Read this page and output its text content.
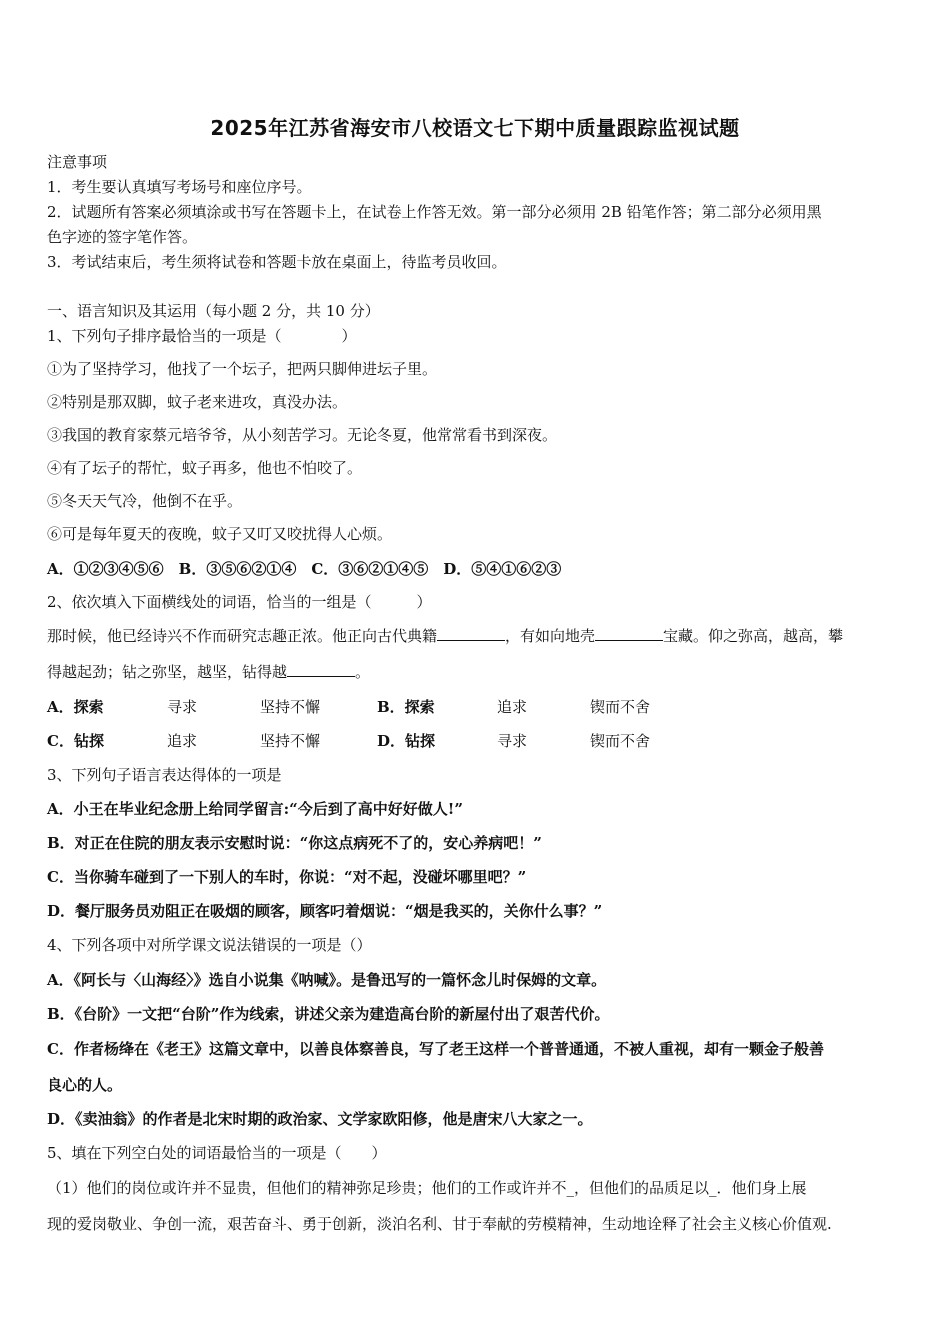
2025年江苏省海安市八校语文七下期中质量跟踪监视试题
注意事项
1．考生要认真填写考场号和座位序号。
2．试题所有答案必须填涂或书写在答题卡上，在试卷上作答无效。第一部分必须用 2B 铅笔作答；第二部分必须用黑
色字迹的签字笔作答。
3．考试结束后，考生须将试卷和答题卡放在桌面上，待监考员收回。
一、语言知识及其运用（每小题 2 分，共 10 分）
1、下列句子排序最恰当的一项是（　　　　）
①为了坚持学习，他找了一个坛子，把两只脚伸进坛子里。
②特别是那双脚，蚊子老来进攻，真没办法。
③我国的教育家蔡元培爷爷，从小刻苦学习。无论冬夏，他常常看书到深夜。
④有了坛子的帮忙，蚊子再多，他也不怕咬了。
⑤冬天天气冷，他倒不在乎。
⑥可是每年夏天的夜晚，蚊子又叮又咬扰得人心烦。
A．①②③④⑤⑥　B．③⑤⑥②①④　C．③⑥②①④⑤　D．⑤④①⑥②③
2、依次填入下面横线处的词语，恰当的一组是（　　　）
那时候，他已经诗兴不作而研究志趣正浓。他正向古代典籍	，有如向地壳	宝藏。仰之弥高，越高，攀
得越起劲；钻之弥坚，越坚，钻得越	。
A．探索	寻求	坚持不懈	B．探索	追求	锲而不舍
C．钻探	追求	坚持不懈	D．钻探	寻求	锲而不舍
3、下列句子语言表达得体的一项是
A．小王在毕业纪念册上给同学留言:“今后到了高中好好做人!”
B．对正在住院的朋友表示安慰时说：“你这点病死不了的，安心养病吧！”
C．当你骑车碰到了一下别人的车时，你说：“对不起，没碰坏哪里吧？”
D．餐厅服务员劝阻正在吸烟的顾客，顾客叼着烟说：“烟是我买的，关你什么事？”
4、下列各项中对所学课文说法错误的一项是（）
A．《阿长与〈山海经〉》选自小说集《呐喊》。是鲁迅写的一篇怀念儿时保姆的文章。
B．《台阶》一文把“台阶”作为线索，讲述父亲为建造高台阶的新屋付出了艰苦代价。
C．作者杨绛在《老王》这篇文章中，以善良体察善良，写了老王这样一个普普通通，不被人重视，却有一颗金子般善
良心的人。
D．《卖油翁》的作者是北宋时期的政治家、文学家欧阳修，他是唐宋八大家之一。
5、填在下列空白处的词语最恰当的一项是（　　）
（1）他们的岗位或许并不显贵，但他们的精神弥足珍贵；他们的工作或许并不_，但他们的品质足以_．他们身上展
现的爱岗敬业、争创一流，艰苦奋斗、勇于创新，淡泊名利、甘于奉献的劳模精神，生动地诠释了社会主义核心价值观.
